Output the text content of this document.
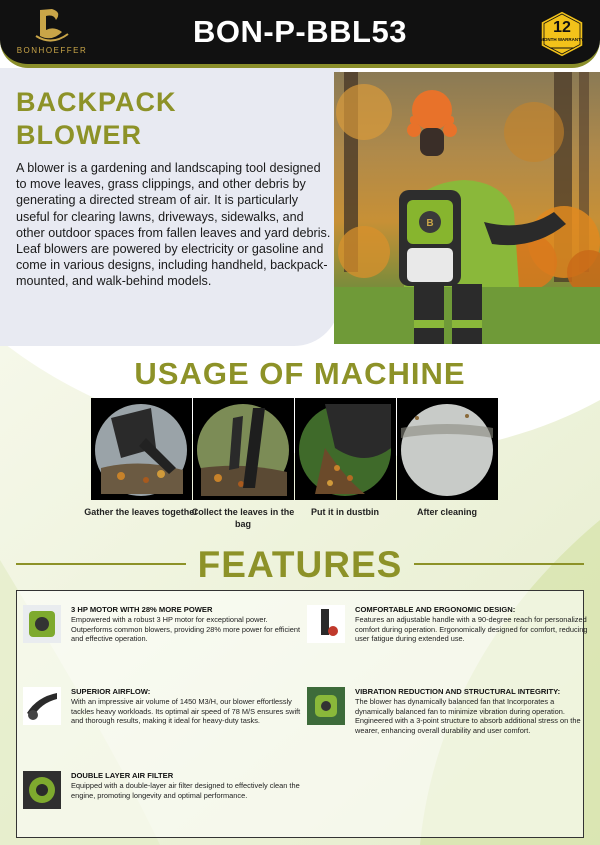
BONHOEFFER
BON-P-BBL53	12
MONTH WARRANTY
B
BACKPACK
BLOWER

A blower is a gardening and landscaping tool designed to move leaves, grass clippings, and other debris by generating a directed stream of air. It is particularly useful for clearing lawns, driveways, sidewalks, and other outdoor spaces from fallen leaves and yard debris. Leaf blowers are powered by electricity or gasoline and come in various designs, including handheld, backpack-mounted, and walk-behind models.

USAGE OF MACHINE
Gather the leaves together
Collect the leaves in the bag
Put it in dustbin	After cleaning
FEATURES
3 HP MOTOR WITH 28% MORE POWER
Empowered with a robust 3 HP motor for exceptional power. Outperforms common blowers, providing 28% more power for efficient and effective operation.
COMFORTABLE AND ERGONOMIC DESIGN:
Features an adjustable handle with a 90-degree reach for personalized comfort during operation. Ergonomically designed for comfort, reducing user fatigue during extended use.
SUPERIOR AIRFLOW:
With an impressive air volume of 1450 M3/H, our blower effortlessly tackles heavy workloads. Its optimal air speed of 78 M/S ensures swift and thorough results, making it ideal for heavy-duty tasks.
VIBRATION REDUCTION AND STRUCTURAL INTEGRITY:
The blower has dynamically balanced fan that Incorporates a dynamically balanced fan to minimize vibration during operation. Engineered with a 3-point structure to absorb additional stress on the wearer, enhancing overall durability and user comfort.
DOUBLE LAYER AIR FILTER
Equipped with a double-layer air filter designed to effectively clean the engine, promoting longevity and optimal performance.
